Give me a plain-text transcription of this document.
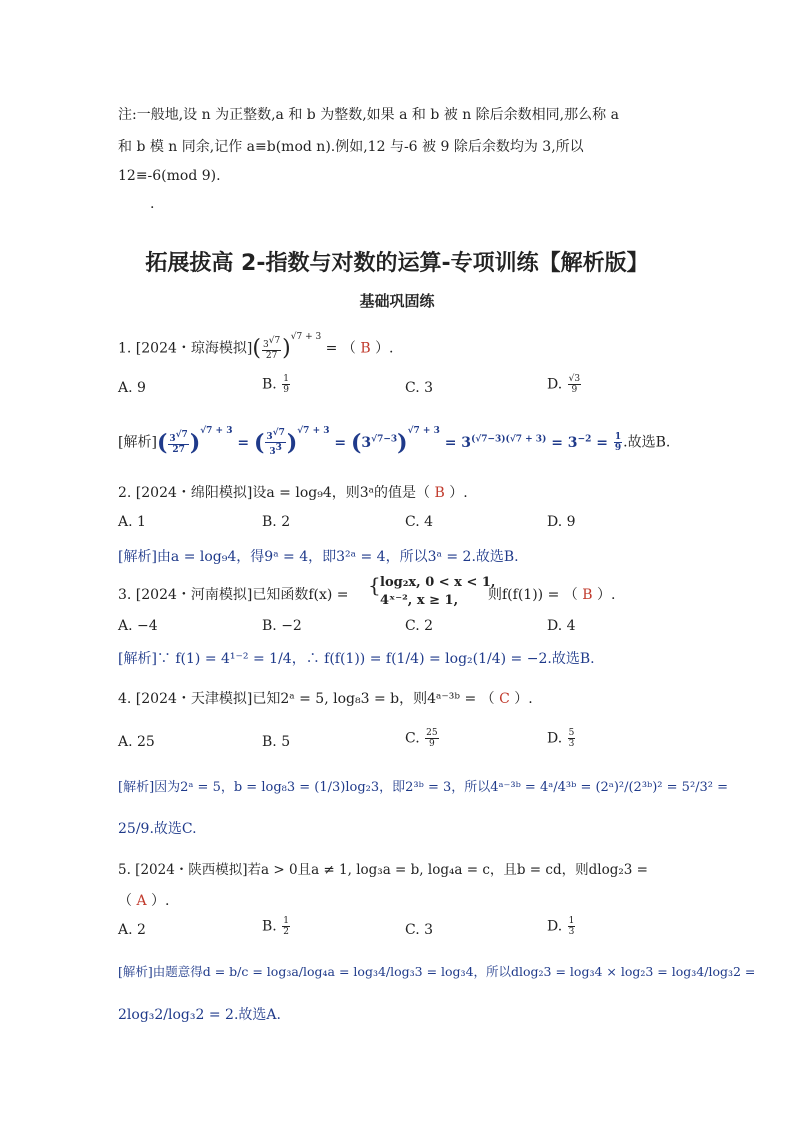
注:一般地,设 n 为正整数,a 和 b 为整数,如果 a 和 b 被 n 除后余数相同,那么称 a
和 b 模 n 同余,记作 a≡b(mod n).例如,12 与-6 被 9 除后余数均为 3,所以
12≡-6(mod 9).
.
拓展拔高 2-指数与对数的运算-专项训练【解析版】
基础巩固练
1. [2024・琼海模拟]( $\frac{3^{√7}}{27} )^{√7 + 3}$ = （ B ）.
A. 9	B. $\frac{1}{9}$	C. 3	D. $\frac{√3}{9}$
[解析]( $\frac{3^{√7}}{27} )^{√7 + 3}$ = ( $\frac{3^{√7}}{3^3} )^{√7 + 3} = (3^{√7-3})^{√7 + 3} = 3^{(√7-3)(√7 + 3)} = 3^{-2} = \frac{1}{9}$ .故选B.
2. [2024・绵阳模拟]设a = log₉4，则3ᵃ的值是（ B ）.
A. 1	B. 2	C. 4	D. 9
[解析]由a = log₉4，得9ᵃ = 4，即3²ᵃ = 4，所以3ᵃ = 2.故选B.
3. [2024・河南模拟]已知函数f(x) = { log₂x, 0 < x < 1,
4ˣ⁻², x ≥ 1, 则f(f(1)) = （ B ）.
A. −4	B. −2	C. 2	D. 4
[解析]∵ f(1) = 4¹⁻² = 1/4，∴ f(f(1)) = f(1/4) = log₂(1/4) = −2.故选B.
4. [2024・天津模拟]已知2ᵃ = 5, log₈3 = b，则4ᵃ⁻³ᵇ = （ C ）.
A. 25	B. 5	C. $\frac{25}{9}$	D. $\frac{5}{3}$
[解析]因为2ᵃ = 5，b = log₈3 = (1/3)log₂3，即2³ᵇ = 3，所以4ᵃ⁻³ᵇ = 4ᵃ/4³ᵇ = (2ᵃ)²/(2³ᵇ)² = 5²/3² =
25/9.故选C.
5. [2024・陕西模拟]若a > 0且a ≠ 1, log₃a = b, log₄a = c，且b = cd，则dlog₂3 =
（ A ）.
A. 2	B. $\frac{1}{2}$	C. 3	D. $\frac{1}{3}$
[解析]由题意得d = b/c = log₃a/log₄a = log₃4/log₃3 = log₃4，所以dlog₂3 = log₃4 × log₂3 = log₃4/log₃2 =
2log₃2/log₃2 = 2.故选A.
